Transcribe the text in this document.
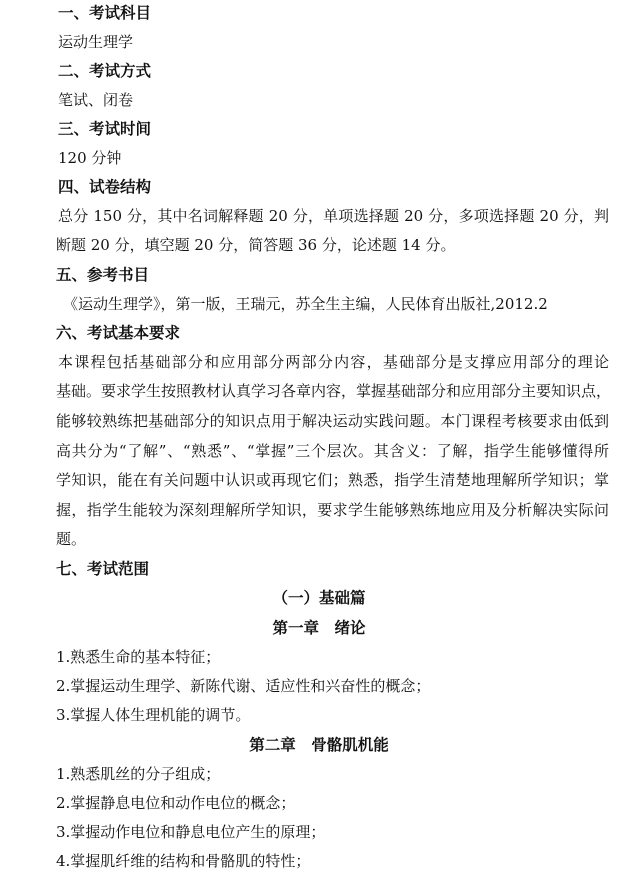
一、考试科目
运动生理学
二、考试方式
笔试、闭卷
三、考试时间
120 分钟
四、试卷结构
总分 150 分，其中名词解释题 20 分，单项选择题 20 分，多项选择题 20 分，判
断题 20 分，填空题 20 分，简答题 36 分，论述题 14 分。
五、参考书目
《运动生理学》，第一版，王瑞元，苏全生主编，人民体育出版社,2012.2
六、考试基本要求
本课程包括基础部分和应用部分两部分内容，基础部分是支撑应用部分的理论
基础。要求学生按照教材认真学习各章内容，掌握基础部分和应用部分主要知识点，
能够较熟练把基础部分的知识点用于解决运动实践问题。本门课程考核要求由低到
高共分为“了解”、“熟悉”、“掌握”三个层次。其含义：了解，指学生能够懂得所
学知识，能在有关问题中认识或再现它们；熟悉，指学生清楚地理解所学知识；掌
握，指学生能较为深刻理解所学知识，要求学生能够熟练地应用及分析解决实际问
题。
七、考试范围
（一）基础篇
第一章　绪论
1.熟悉生命的基本特征；
2.掌握运动生理学、新陈代谢、适应性和兴奋性的概念；
3.掌握人体生理机能的调节。
第二章　骨骼肌机能
1.熟悉肌丝的分子组成；
2.掌握静息电位和动作电位的概念；
3.掌握动作电位和静息电位产生的原理；
4.掌握肌纤维的结构和骨骼肌的特性；
